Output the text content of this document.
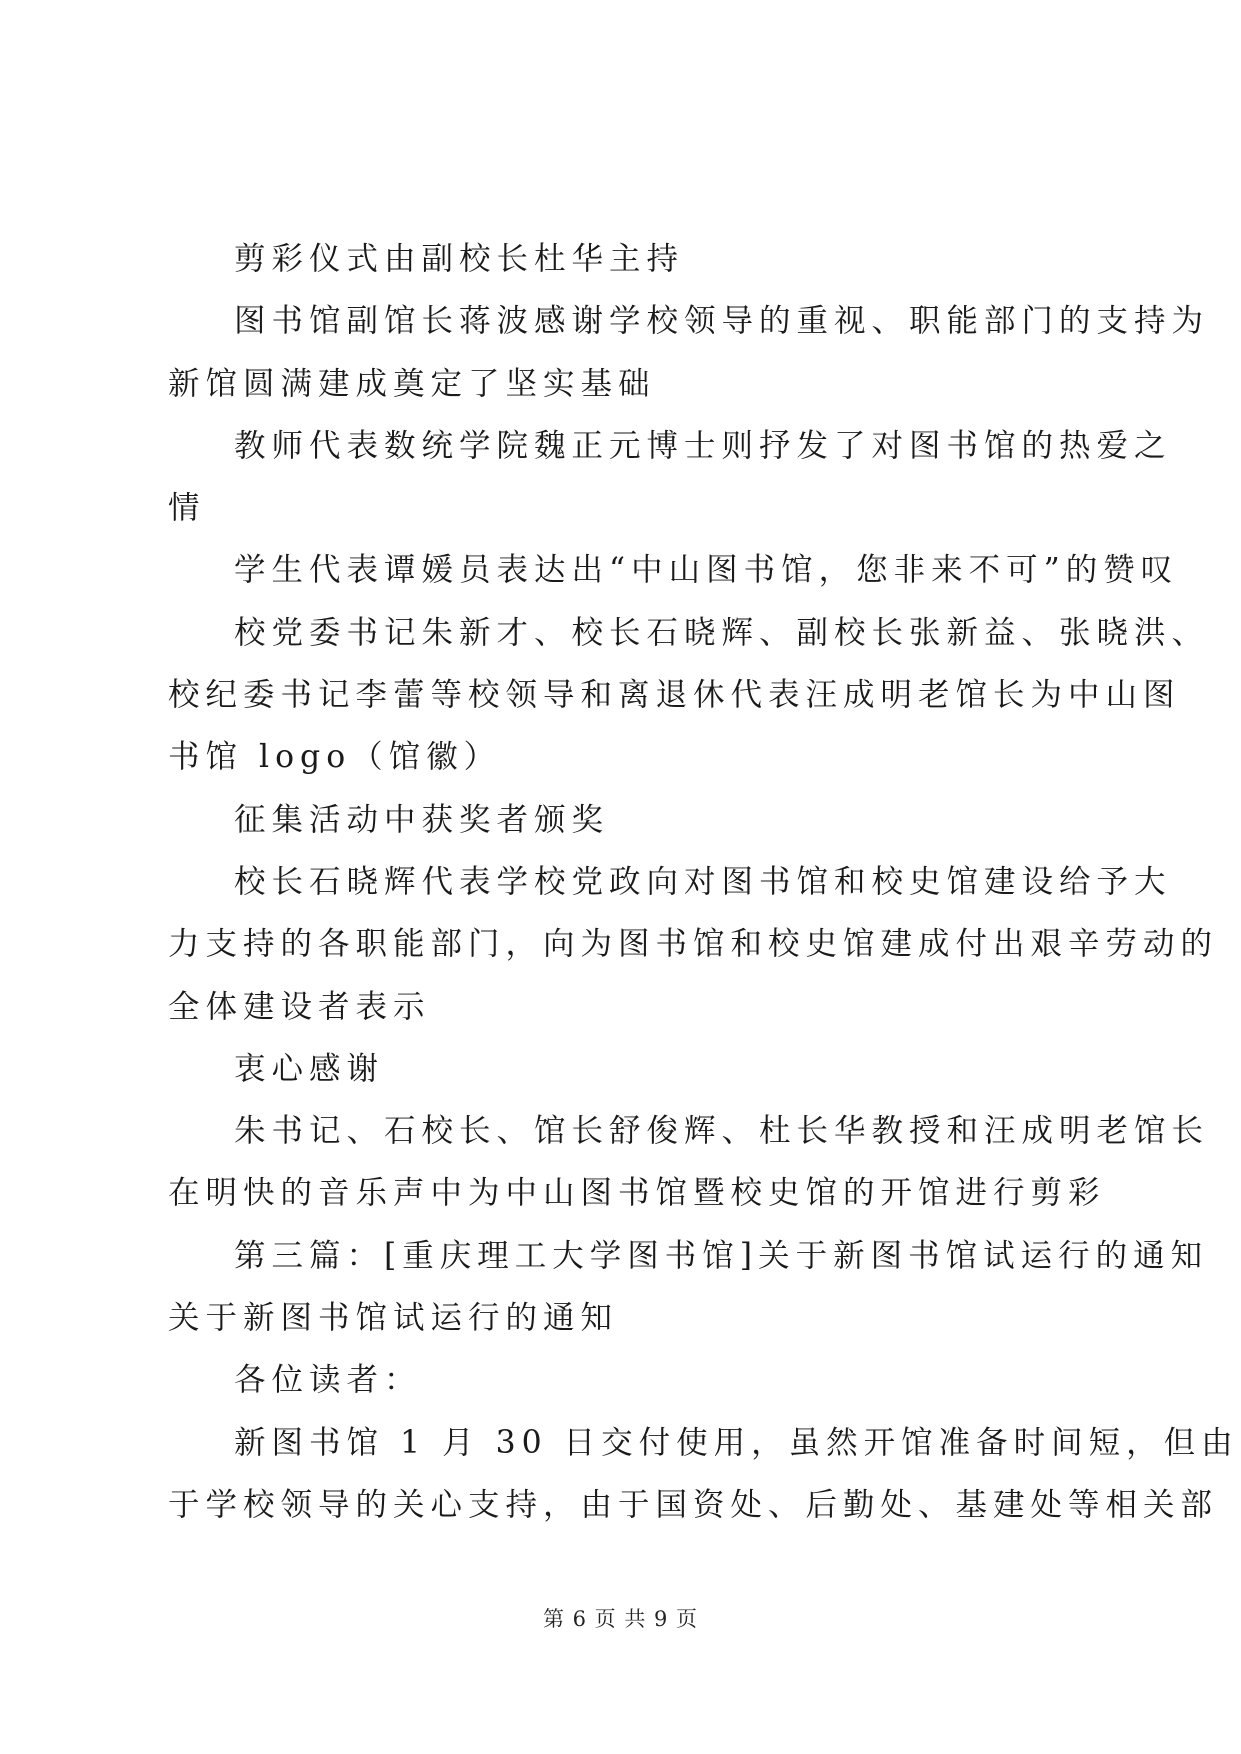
剪彩仪式由副校长杜华主持

图书馆副馆长蒋波感谢学校领导的重视、职能部门的支持为
新馆圆满建成奠定了坚实基础

教师代表数统学院魏正元博士则抒发了对图书馆的热爱之
情

学生代表谭媛员表达出“中山图书馆，您非来不可”的赞叹

校党委书记朱新才、校长石晓辉、副校长张新益、张晓洪、
校纪委书记李蕾等校领导和离退休代表汪成明老馆长为中山图
书馆 logo（馆徽）

征集活动中获奖者颁奖

校长石晓辉代表学校党政向对图书馆和校史馆建设给予大
力支持的各职能部门，向为图书馆和校史馆建成付出艰辛劳动的
全体建设者表示

衷心感谢

朱书记、石校长、馆长舒俊辉、杜长华教授和汪成明老馆长
在明快的音乐声中为中山图书馆暨校史馆的开馆进行剪彩

第三篇：[重庆理工大学图书馆]关于新图书馆试运行的通知
关于新图书馆试运行的通知

各位读者：

新图书馆 1 月 30 日交付使用，虽然开馆准备时间短，但由
于学校领导的关心支持，由于国资处、后勤处、基建处等相关部

第 6 页 共 9 页
